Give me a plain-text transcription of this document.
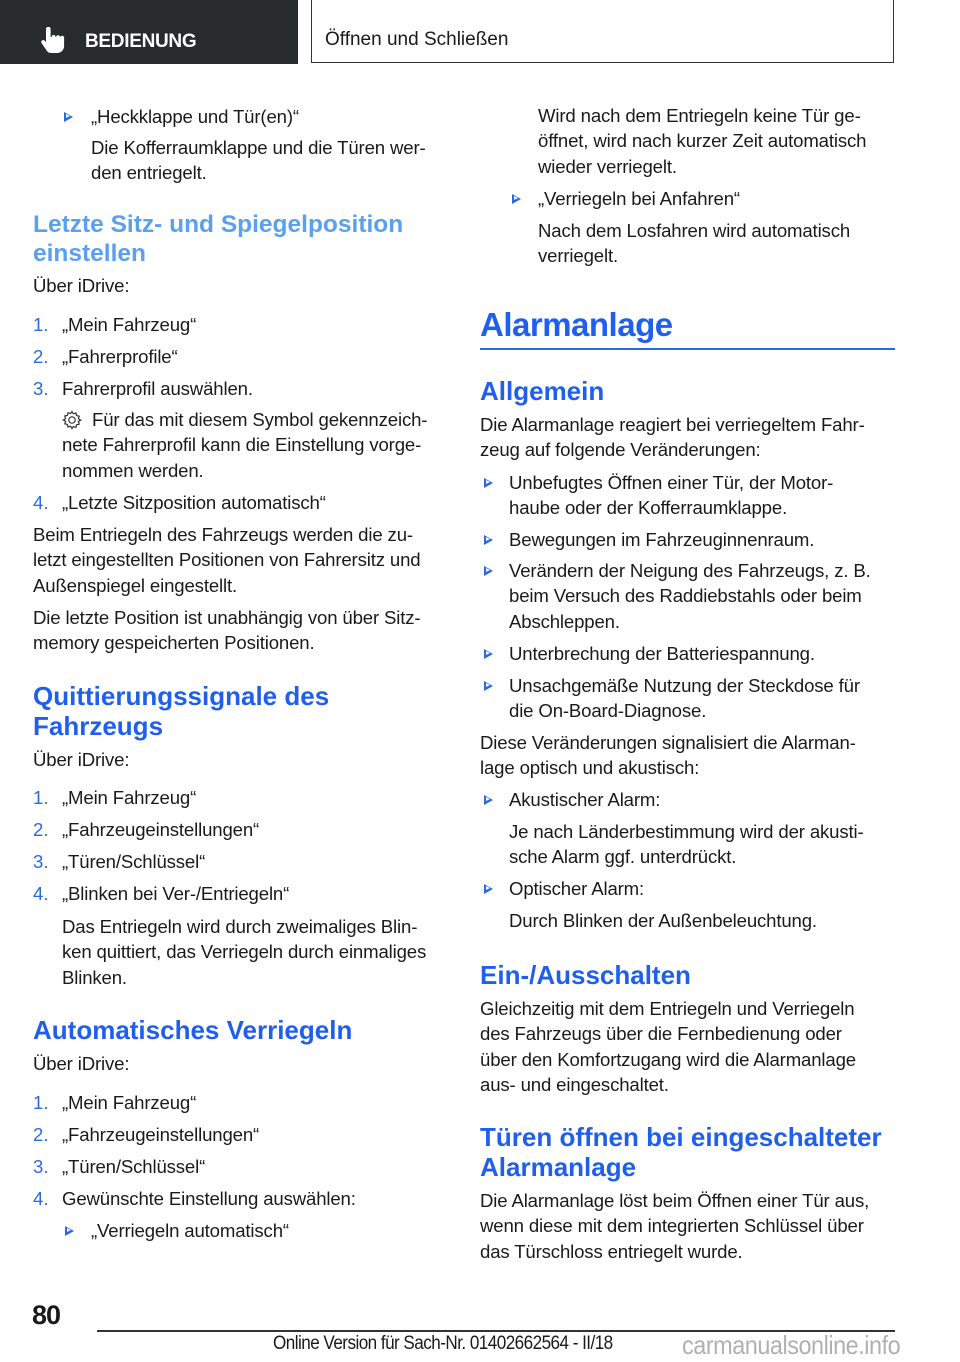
BEDIENUNG	Öffnen und Schließen
„Heckklappe und Tür(en)“
Die Kofferraumklappe und die Türen wer-
den entriegelt.
Letzte Sitz- und Spiegelposition
einstellen
Über iDrive:
1. „Mein Fahrzeug“
2. „Fahrerprofile“
3. Fahrerprofil auswählen.
Für das mit diesem Symbol gekennzeich-
nete Fahrerprofil kann die Einstellung vorge-
nommen werden.
4. „Letzte Sitzposition automatisch“
Beim Entriegeln des Fahrzeugs werden die zu-
letzt eingestellten Positionen von Fahrersitz und
Außenspiegel eingestellt.
Die letzte Position ist unabhängig von über Sitz-
memory gespeicherten Positionen.
Quittierungssignale des
Fahrzeugs
Über iDrive:
1. „Mein Fahrzeug“
2. „Fahrzeugeinstellungen“
3. „Türen/Schlüssel“
4. „Blinken bei Ver-/Entriegeln“
Das Entriegeln wird durch zweimaliges Blin-
ken quittiert, das Verriegeln durch einmaliges
Blinken.
Automatisches Verriegeln
Über iDrive:
1. „Mein Fahrzeug“
2. „Fahrzeugeinstellungen“
3. „Türen/Schlüssel“
4. Gewünschte Einstellung auswählen:
„Verriegeln automatisch“
Wird nach dem Entriegeln keine Tür ge-
öffnet, wird nach kurzer Zeit automatisch
wieder verriegelt.
„Verriegeln bei Anfahren“
Nach dem Losfahren wird automatisch
verriegelt.
Alarmanlage
Allgemein
Die Alarmanlage reagiert bei verriegeltem Fahr-
zeug auf folgende Veränderungen:
Unbefugtes Öffnen einer Tür, der Motor-
haube oder der Kofferraumklappe.
Bewegungen im Fahrzeuginnenraum.
Verändern der Neigung des Fahrzeugs, z. B.
beim Versuch des Raddiebstahls oder beim
Abschleppen.
Unterbrechung der Batteriespannung.
Unsachgemäße Nutzung der Steckdose für
die On-Board-Diagnose.
Diese Veränderungen signalisiert die Alarman-
lage optisch und akustisch:
Akustischer Alarm:
Je nach Länderbestimmung wird der akusti-
sche Alarm ggf. unterdrückt.
Optischer Alarm:
Durch Blinken der Außenbeleuchtung.
Ein-/Ausschalten
Gleichzeitig mit dem Entriegeln und Verriegeln
des Fahrzeugs über die Fernbedienung oder
über den Komfortzugang wird die Alarmanlage
aus- und eingeschaltet.
Türen öffnen bei eingeschalteter
Alarmanlage
Die Alarmanlage löst beim Öffnen einer Tür aus,
wenn diese mit dem integrierten Schlüssel über
das Türschloss entriegelt wurde.
80
Online Version für Sach-Nr. 01402662564 - II/18	carmanualsonline.info
